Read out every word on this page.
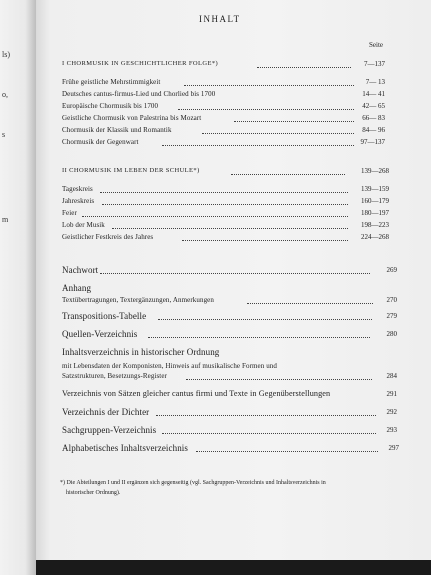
ls)
o,
s
m
INHALT
Seite
I CHORMUSIK IN GESCHICHTLICHER FOLGE*)	7—137
Frühe geistliche Mehrstimmigkeit	7— 13
Deutsches cantus-firmus-Lied und Chorlied bis 1700	14— 41
Europäische Chormusik bis 1700	42— 65
Geistliche Chormusik von Palestrina bis Mozart	66— 83
Chormusik der Klassik und Romantik	84— 96
Chormusik der Gegenwart	97—137
II CHORMUSIK IM LEBEN DER SCHULE*)	139—268
Tageskreis	139—159
Jahreskreis	160—179
Feier	180—197
Lob der Musik	198—223
Geistlicher Festkreis des Jahres	224—268
Nachwort	269
Anhang
Textübertragungen, Textergänzungen, Anmerkungen	270
Transpositions-Tabelle	279
Quellen-Verzeichnis	280
Inhaltsverzeichnis in historischer Ordnung
mit Lebensdaten der Komponisten, Hinweis auf musikalische Formen und
Satzstrukturen, Besetzungs-Register	284
Verzeichnis von Sätzen gleicher cantus firmi und Texte in Gegenüberstellungen	291
Verzeichnis der Dichter	292
Sachgruppen-Verzeichnis	293
Alphabetisches Inhaltsverzeichnis	297
*) Die Abteilungen I und II ergänzen sich gegenseitig (vgl. Sachgruppen-Verzeichnis und Inhaltsverzeichnis in
historischer Ordnung).
